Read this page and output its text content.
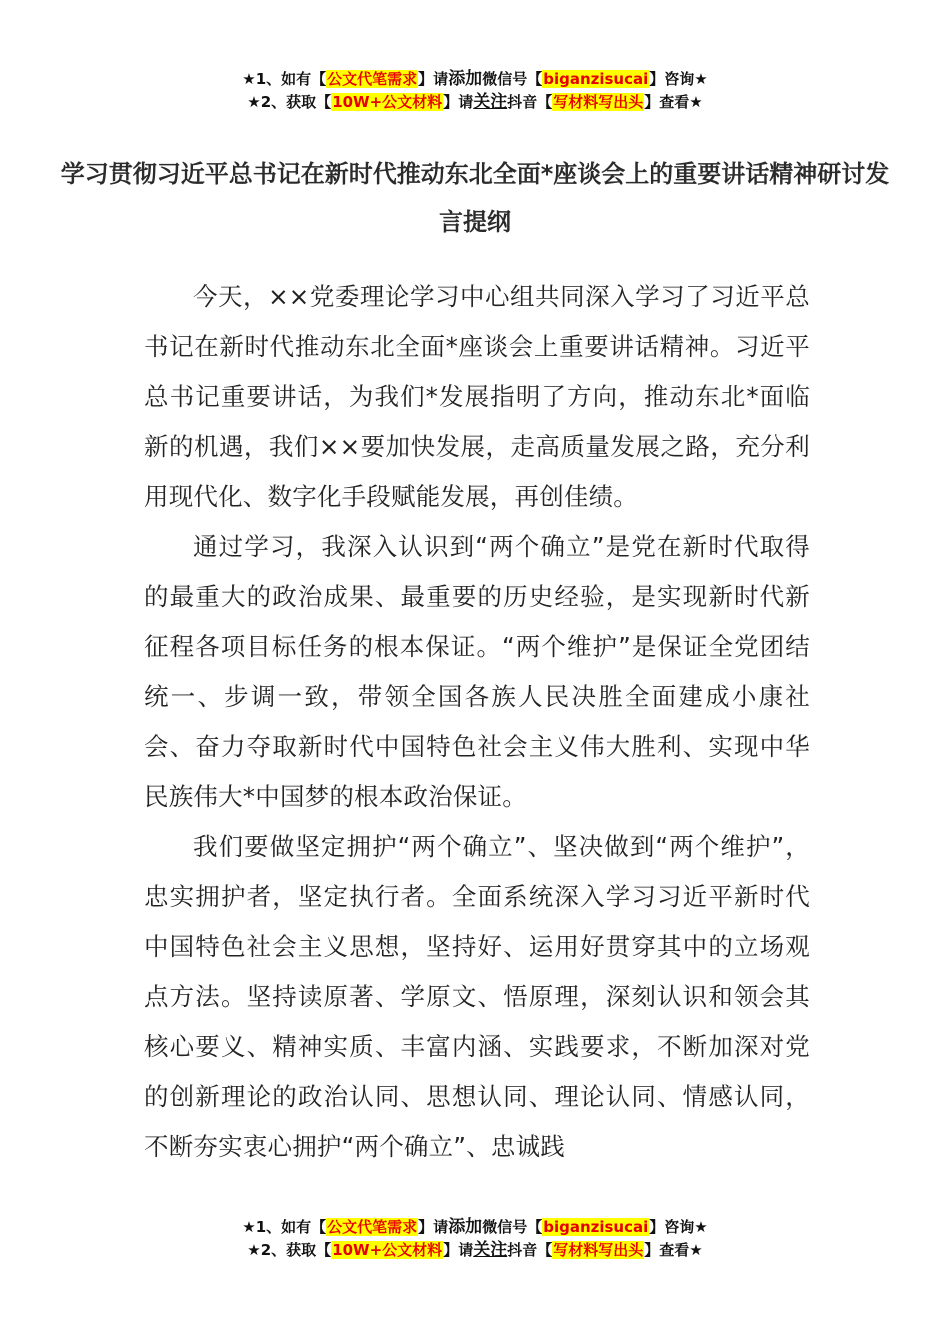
★1、如有【公文代笔需求】请添加微信号【biganzisucai】咨询★
★2、获取【10W+公文材料】请关注抖音【写材料写出头】查看★
学习贯彻习近平总书记在新时代推动东北全面*座谈会上的重要讲话精神研讨发言提纲

今天，××党委理论学习中心组共同深入学习了习近平总书记在新时代推动东北全面*座谈会上重要讲话精神。习近平总书记重要讲话，为我们*发展指明了方向，推动东北*面临新的机遇，我们××要加快发展，走高质量发展之路，充分利用现代化、数字化手段赋能发展，再创佳绩。

通过学习，我深入认识到“两个确立”是党在新时代取得的最重大的政治成果、最重要的历史经验，是实现新时代新征程各项目标任务的根本保证。“两个维护”是保证全党团结统一、步调一致，带领全国各族人民决胜全面建成小康社会、奋力夺取新时代中国特色社会主义伟大胜利、实现中华民族伟大*中国梦的根本政治保证。

我们要做坚定拥护“两个确立”、坚决做到“两个维护”，忠实拥护者，坚定执行者。全面系统深入学习习近平新时代中国特色社会主义思想，坚持好、运用好贯穿其中的立场观点方法。坚持读原著、学原文、悟原理，深刻认识和领会其核心要义、精神实质、丰富内涵、实践要求，不断加深对党的创新理论的政治认同、思想认同、理论认同、情感认同，不断夯实衷心拥护“两个确立”、忠诚践

★1、如有【公文代笔需求】请添加微信号【biganzisucai】咨询★
★2、获取【10W+公文材料】请关注抖音【写材料写出头】查看★
